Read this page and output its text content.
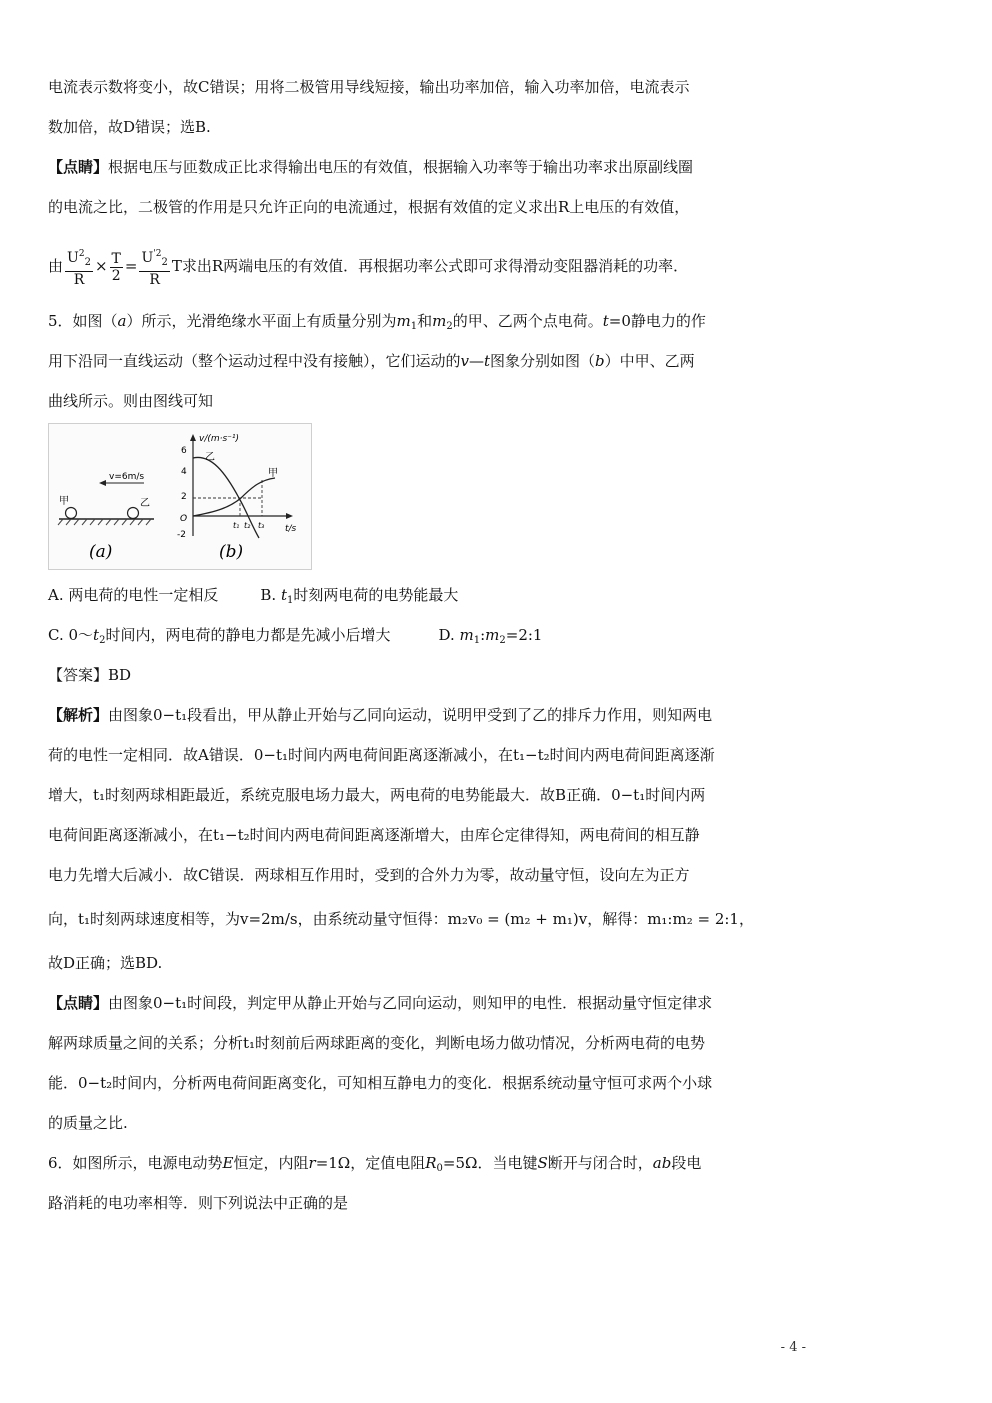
电流表示数将变小，故C错误；用将二极管用导线短接，输出功率加倍，输入功率加倍，电流表示
数加倍，故D错误；选B.
【点睛】根据电压与匝数成正比求得输出电压的有效值，根据输入功率等于输出功率求出原副线圈
的电流之比，二极管的作用是只允许正向的电流通过，根据有效值的定义求出R上电压的有效值，
由 $\frac{U^2_2}{R} \times \frac{T}{2} = \frac{U^{'2}_2}{R}$ T求出R两端电压的有效值．再根据功率公式即可求得滑动变阻器消耗的功率．
5．如图（a）所示，光滑绝缘水平面上有质量分别为$m_1$和$m_2$的甲、乙两个点电荷。t=0静电力的作
用下沿同一直线运动（整个运动过程中没有接触），它们运动的v—t图象分别如图（b）中甲、乙两
曲线所示。则由图线可知
v=6m/s
甲	乙
(a)
v/(m·s⁻¹)
t/s
6
4
2
O
-2
乙
甲
t₁ t₂ t₃
(b)
A. 两电荷的电性一定相反	B. $t_1$时刻两电荷的电势能最大
C. $0\sim t_2$时间内，两电荷的静电力都是先减小后增大	D. $m_1:m_2=2:1$
【答案】BD
【解析】由图象0−t₁段看出，甲从静止开始与乙同向运动，说明甲受到了乙的排斥力作用，则知两电
荷的电性一定相同．故A错误．0−t₁时间内两电荷间距离逐渐减小，在t₁−t₂时间内两电荷间距离逐渐
增大，t₁时刻两球相距最近，系统克服电场力最大，两电荷的电势能最大．故B正确．0−t₁时间内两
电荷间距离逐渐减小，在t₁−t₂时间内两电荷间距离逐渐增大，由库仑定律得知，两电荷间的相互静
电力先增大后减小．故C错误．两球相互作用时，受到的合外力为零，故动量守恒，设向左为正方
向，t₁时刻两球速度相等，为v=2m/s，由系统动量守恒得：m₂v₀ = (m₂ + m₁)v，解得：m₁:m₂ = 2:1，
故D正确；选BD.
【点睛】由图象0−t₁时间段，判定甲从静止开始与乙同向运动，则知甲的电性．根据动量守恒定律求
解两球质量之间的关系；分析t₁时刻前后两球距离的变化，判断电场力做功情况，分析两电荷的电势
能．0−t₂时间内，分析两电荷间距离变化，可知相互静电力的变化．根据系统动量守恒可求两个小球
的质量之比.
6．如图所示，电源电动势E恒定，内阻r=1Ω，定值电阻$R_0=5\Omega$．当电键S断开与闭合时，ab段电
路消耗的电功率相等．则下列说法中正确的是
- 4 -
